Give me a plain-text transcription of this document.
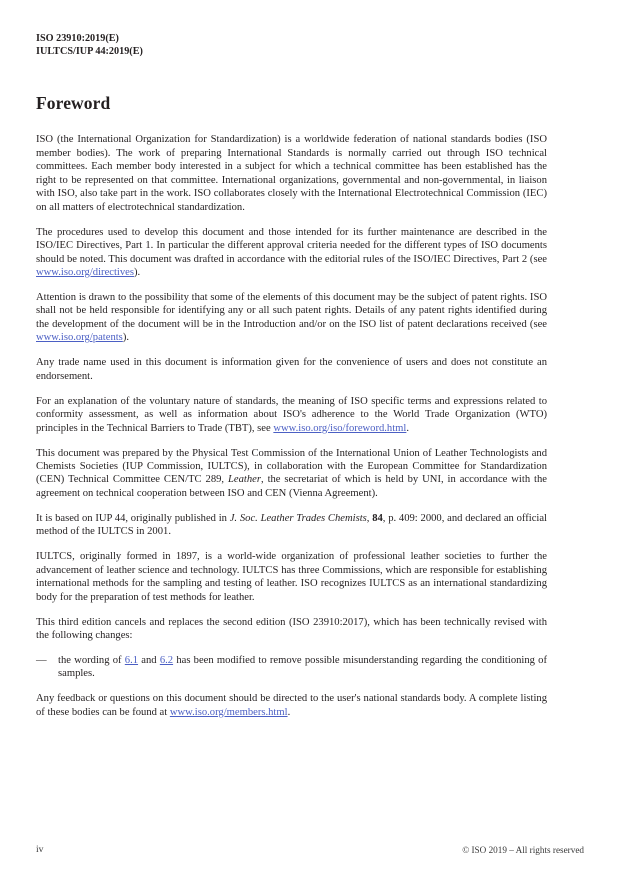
ISO 23910:2019(E)
IULTCS/IUP 44:2019(E)
Foreword

ISO (the International Organization for Standardization) is a worldwide federation of national standards bodies (ISO member bodies). The work of preparing International Standards is normally carried out through ISO technical committees. Each member body interested in a subject for which a technical committee has been established has the right to be represented on that committee. International organizations, governmental and non-governmental, in liaison with ISO, also take part in the work. ISO collaborates closely with the International Electrotechnical Commission (IEC) on all matters of electrotechnical standardization.

The procedures used to develop this document and those intended for its further maintenance are described in the ISO/IEC Directives, Part 1. In particular the different approval criteria needed for the different types of ISO documents should be noted. This document was drafted in accordance with the editorial rules of the ISO/IEC Directives, Part 2 (see www.iso.org/directives).

Attention is drawn to the possibility that some of the elements of this document may be the subject of patent rights. ISO shall not be held responsible for identifying any or all such patent rights. Details of any patent rights identified during the development of the document will be in the Introduction and/or on the ISO list of patent declarations received (see www.iso.org/patents).

Any trade name used in this document is information given for the convenience of users and does not constitute an endorsement.

For an explanation of the voluntary nature of standards, the meaning of ISO specific terms and expressions related to conformity assessment, as well as information about ISO's adherence to the World Trade Organization (WTO) principles in the Technical Barriers to Trade (TBT), see www.iso.org/iso/foreword.html.

This document was prepared by the Physical Test Commission of the International Union of Leather Technologists and Chemists Societies (IUP Commission, IULTCS), in collaboration with the European Committee for Standardization (CEN) Technical Committee CEN/TC 289, Leather, the secretariat of which is held by UNI, in accordance with the agreement on technical cooperation between ISO and CEN (Vienna Agreement).

It is based on IUP 44, originally published in J. Soc. Leather Trades Chemists, 84, p. 409: 2000, and declared an official method of the IULTCS in 2001.

IULTCS, originally formed in 1897, is a world-wide organization of professional leather societies to further the advancement of leather science and technology. IULTCS has three Commissions, which are responsible for establishing international methods for the sampling and testing of leather. ISO recognizes IULTCS as an international standardizing body for the preparation of test methods for leather.

This third edition cancels and replaces the second edition (ISO 23910:2017), which has been technically revised with the following changes:

—	the wording of 6.1 and 6.2 has been modified to remove possible misunderstanding regarding the conditioning of samples.

Any feedback or questions on this document should be directed to the user's national standards body. A complete listing of these bodies can be found at www.iso.org/members.html.

iv	© ISO 2019 – All rights reserved
